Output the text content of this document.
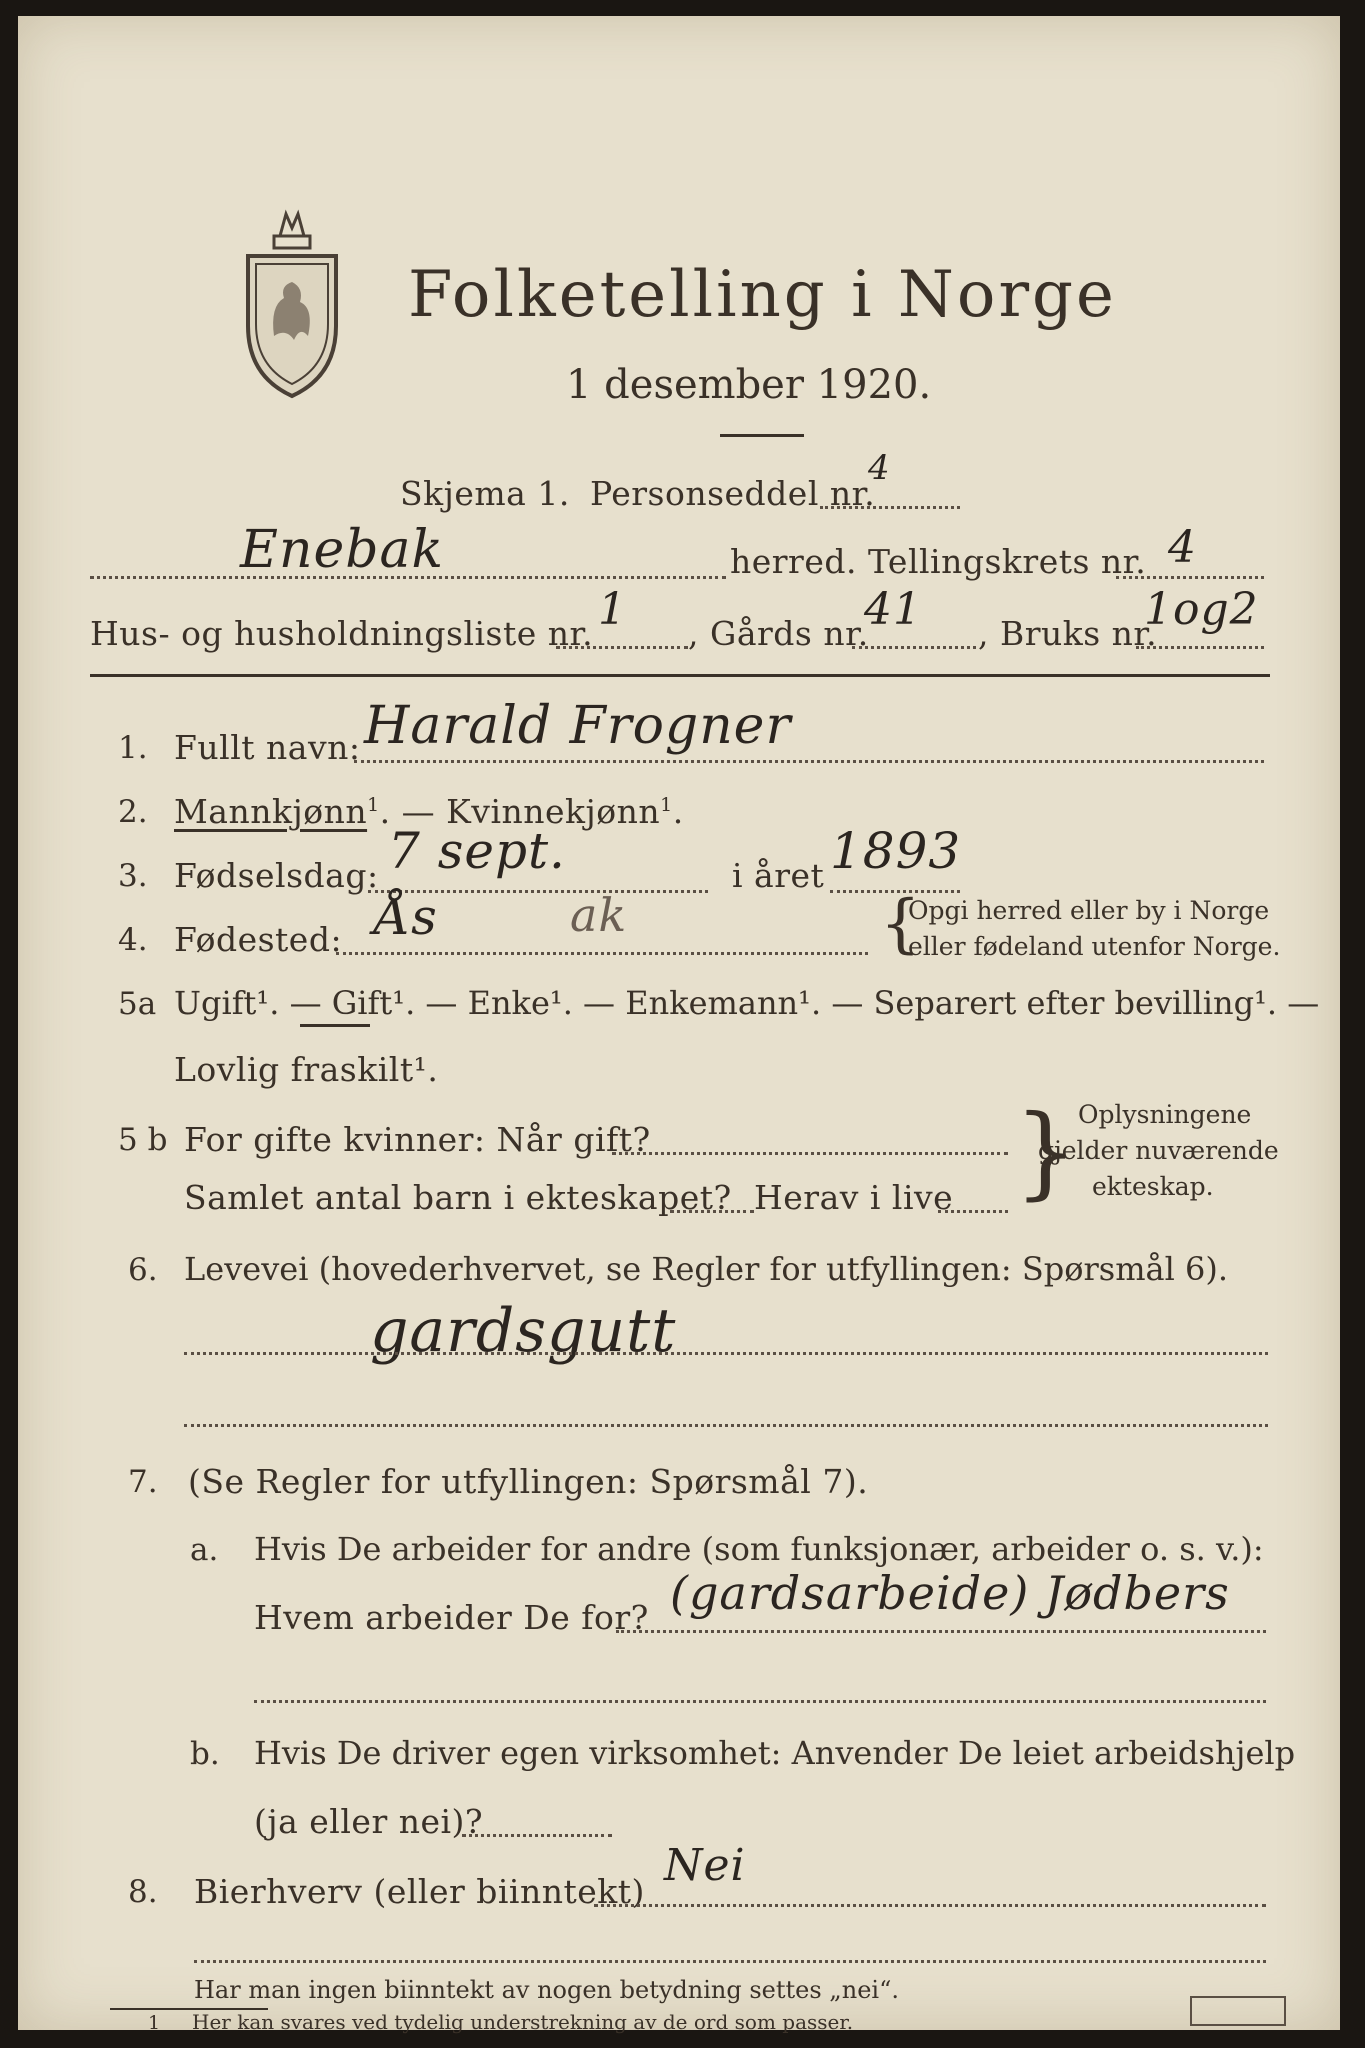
Folketelling i Norge
1 desember 1920.
Skjema 1. Personseddel nr.
4
Enebak	herred. Tellingskrets nr. 4
Hus- og husholdningsliste nr. 1 , Gårds nr.
41 , Bruks nr.
1og2
1. Fullt navn: Harald Frogner
2. Mannkjønn$^1$. — Kvinnekjønn$^1$.
3. Fødselsdag: 7 sept.	i året 1893
4. Fødested: Ås	ak	{
Opgi herred eller by i Norge
eller fødeland utenfor Norge.
5a Ugift¹. — Gift¹. — Enke¹. — Enkemann¹. — Separert efter bevilling¹. —
Lovlig fraskilt¹.
5 b For gifte kvinner: Når gift?
Samlet antal barn i ekteskapet? Herav i live } Oplysningene
gjelder nuværende
ekteskap.
6. Levevei (hovederhvervet, se Regler for utfyllingen: Spørsmål 6).
gardsgutt
7. (Se Regler for utfyllingen: Spørsmål 7).
a. Hvis De arbeider for andre (som funksjonær, arbeider o. s. v.):
Hvem arbeider De for? (gardsarbeide) Jødbers
b. Hvis De driver egen virksomhet: Anvender De leiet arbeidshjelp
(ja eller nei)?
8. Bierhverv (eller biinntekt)
Nei
Har man ingen biinntekt av nogen betydning settes „nei“.
1 Her kan svares ved tydelig understrekning av de ord som passer.
